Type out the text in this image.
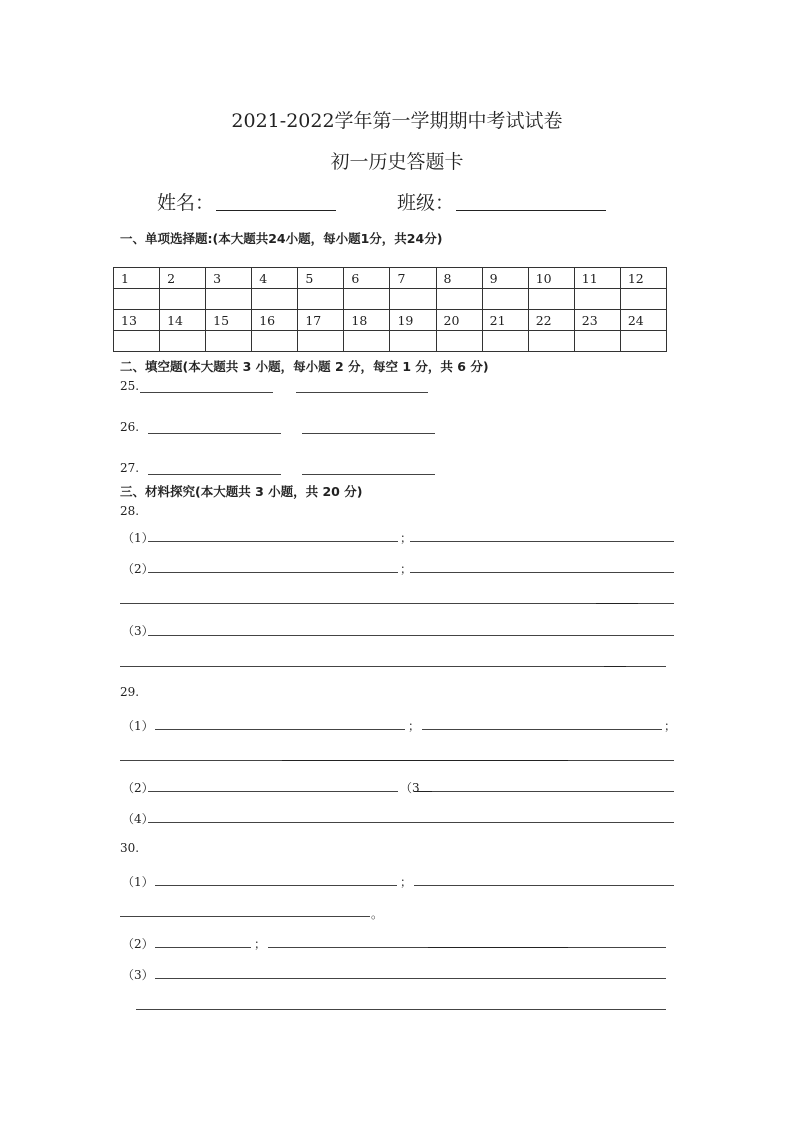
2021-2022学年第一学期期中考试试卷
初一历史答题卡
姓名：	班级：
一、单项选择题:(本大题共24小题，每小题1分，共24分)
1	2	3	4	5	6	7	8	9	10	11	12

13	14	15	16	17	18	19	20	21	22	23	24

二、填空题(本大题共 3 小题，每小题 2 分，每空 1 分，共 6 分)
25.
26.
27.
三、材料探究(本大题共 3 小题，共 20 分)
28.
（1）	；
（2）	；
（3）
29.
（1）	；	；
（2）	（3
（4）
30.
（1）	；
。
（2）	；
（3）
